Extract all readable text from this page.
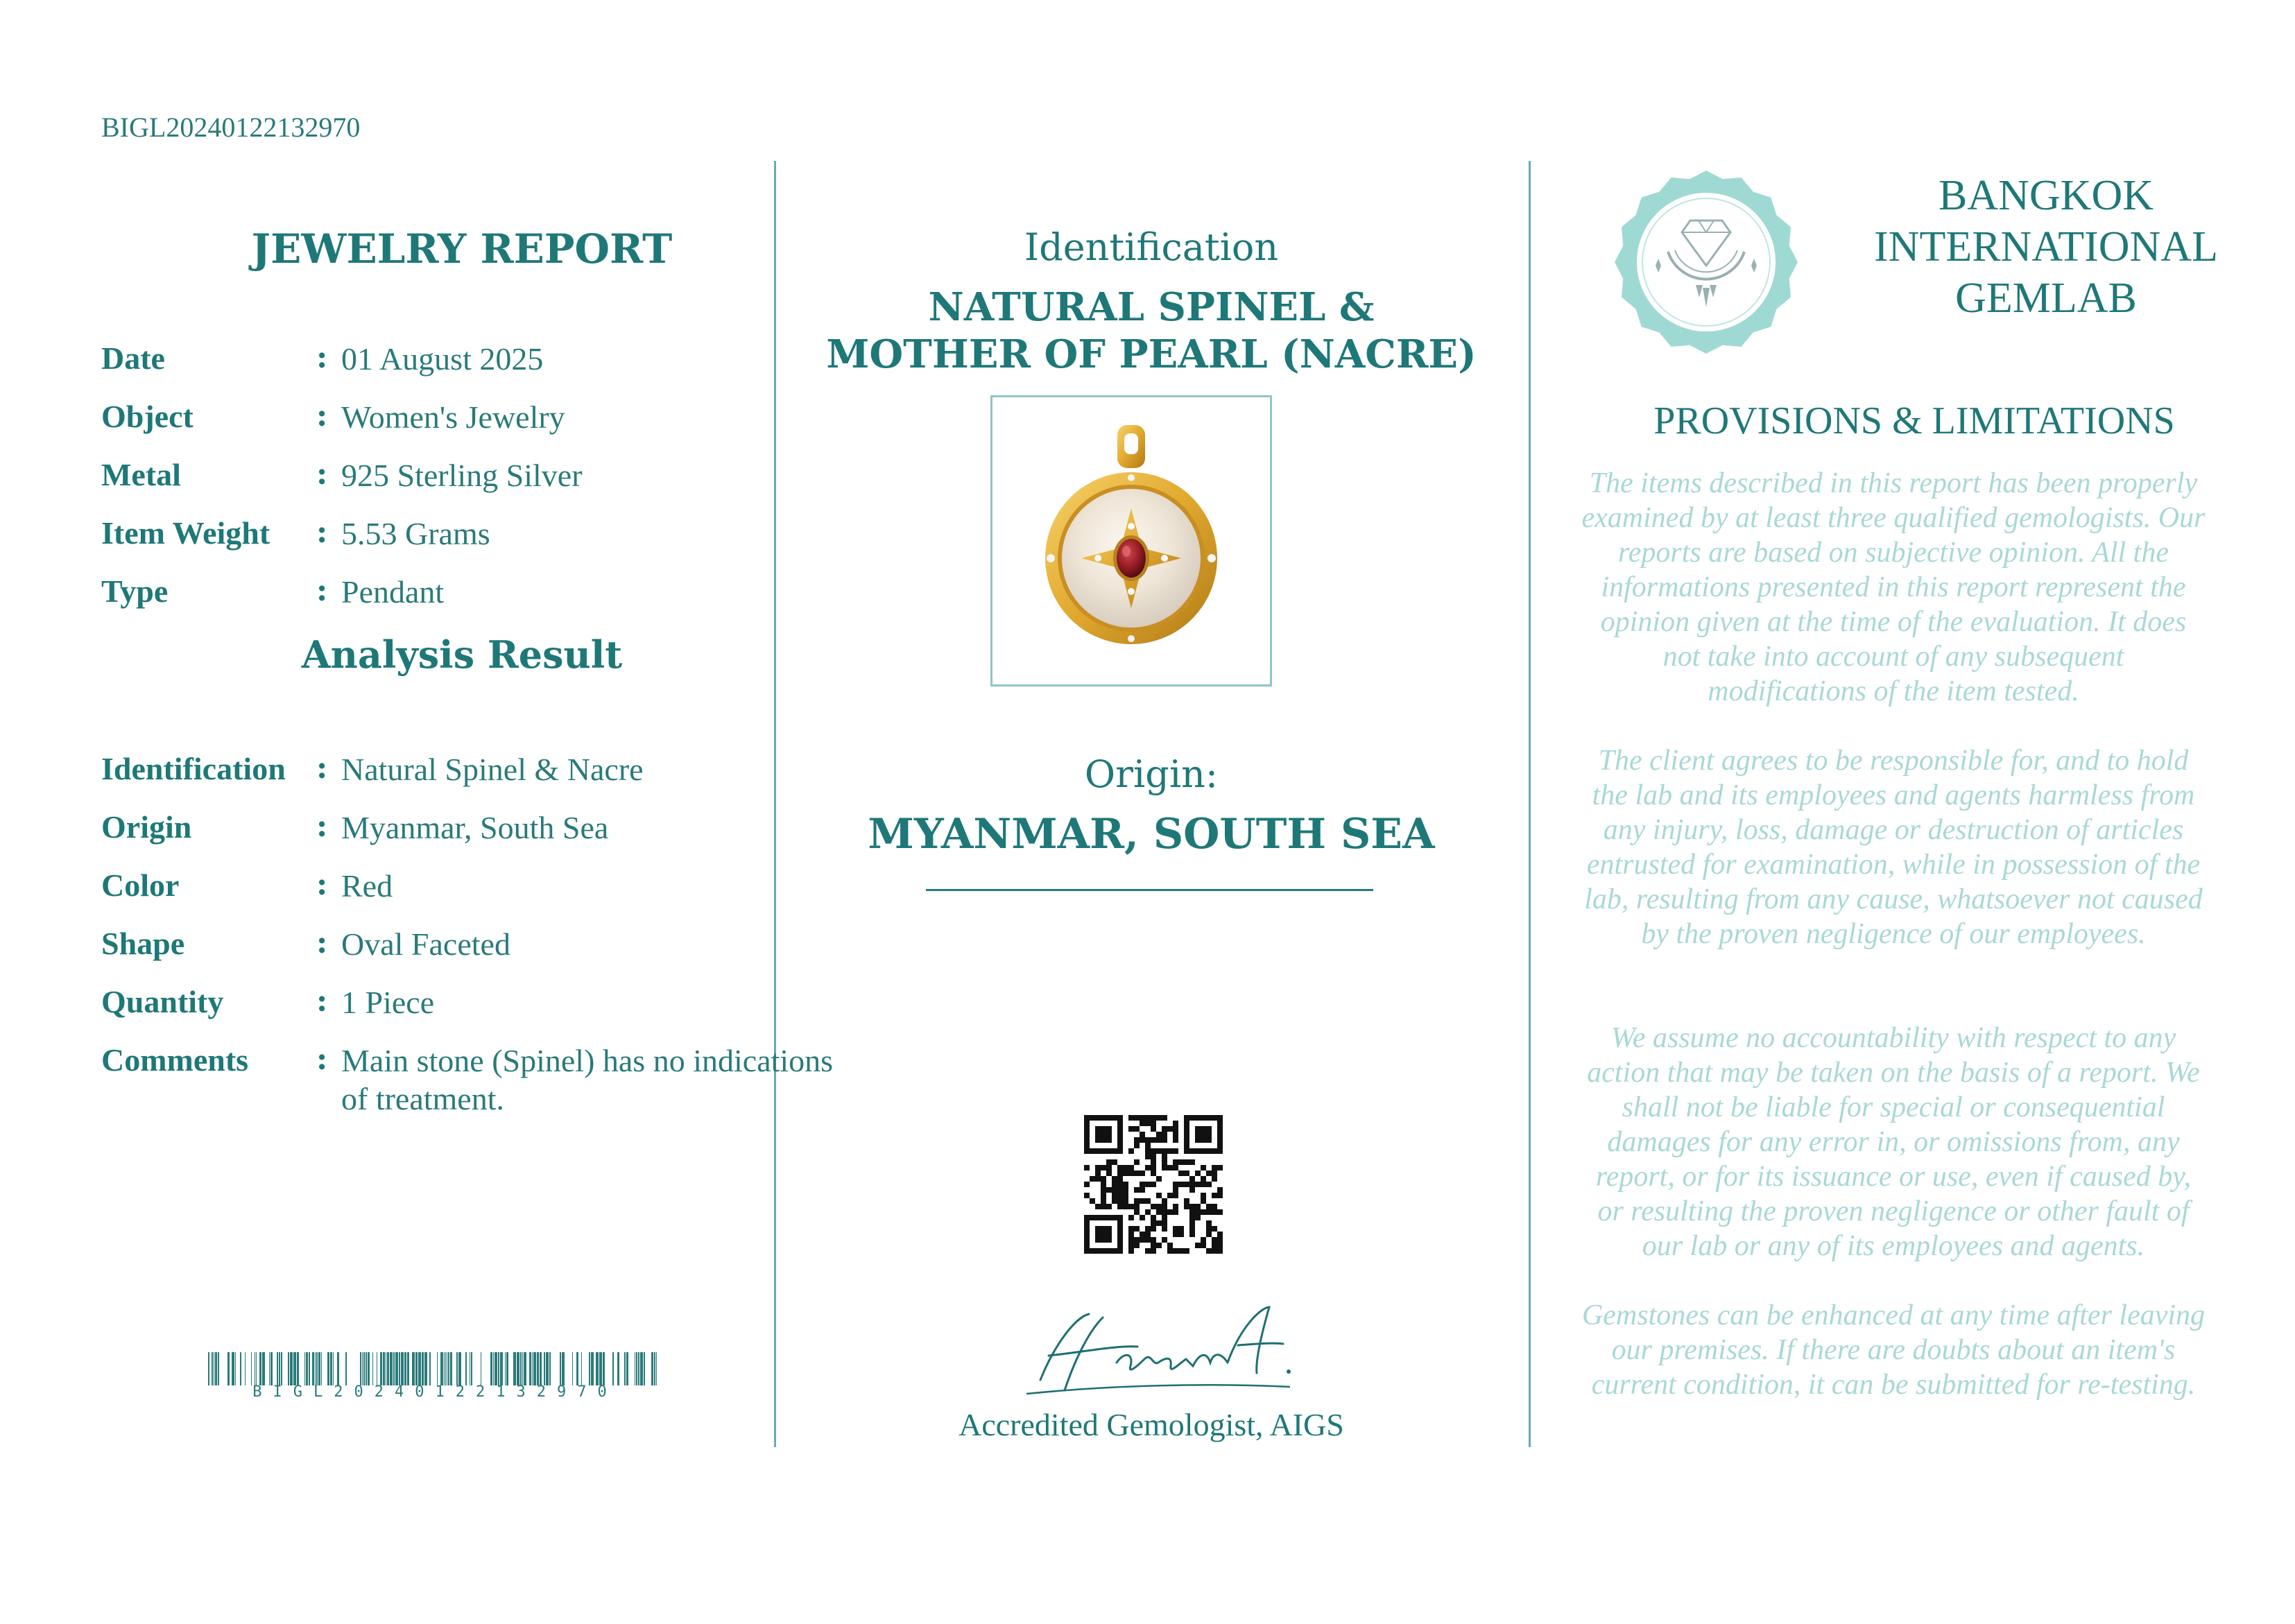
BIGL20240122132970
JEWELRY REPORT
Date	: 01 August 2025
Object	: Women's Jewelry
Metal	: 925 Sterling Silver
Item Weight : 5.53 Grams
Type	: Pendant
Analysis Result
Identification : Natural Spinel & Nacre
Origin	: Myanmar, South Sea
Color	: Red
Shape	: Oval Faceted
Quantity	: 1 Piece
Comments : Main stone (Spinel) has no indications of treatment.
BIGL20240122132970
Identification
NATURAL SPINEL &
MOTHER OF PEARL (NACRE)
Origin:
MYANMAR, SOUTH SEA
Accredited Gemologist, AIGS
BANGKOK
INTERNATIONAL
GEMLAB
PROVISIONS & LIMITATIONS
The items described in this report has been properly examined by at least three qualified gemologists. Our reports are based on subjective opinion. All the informations presented in this report represent the opinion given at the time of the evaluation. It does not take into account of any subsequent modifications of the item tested.
The client agrees to be responsible for, and to hold the lab and its employees and agents harmless from any injury, loss, damage or destruction of articles entrusted for examination, while in possession of the lab, resulting from any cause, whatsoever not caused by the proven negligence of our employees.
We assume no accountability with respect to any action that may be taken on the basis of a report. We shall not be liable for special or consequential damages for any error in, or omissions from, any report, or for its issuance or use, even if caused by, or resulting the proven negligence or other fault of our lab or any of its employees and agents.
Gemstones can be enhanced at any time after leaving our premises. If there are doubts about an item's current condition, it can be submitted for re-testing.
